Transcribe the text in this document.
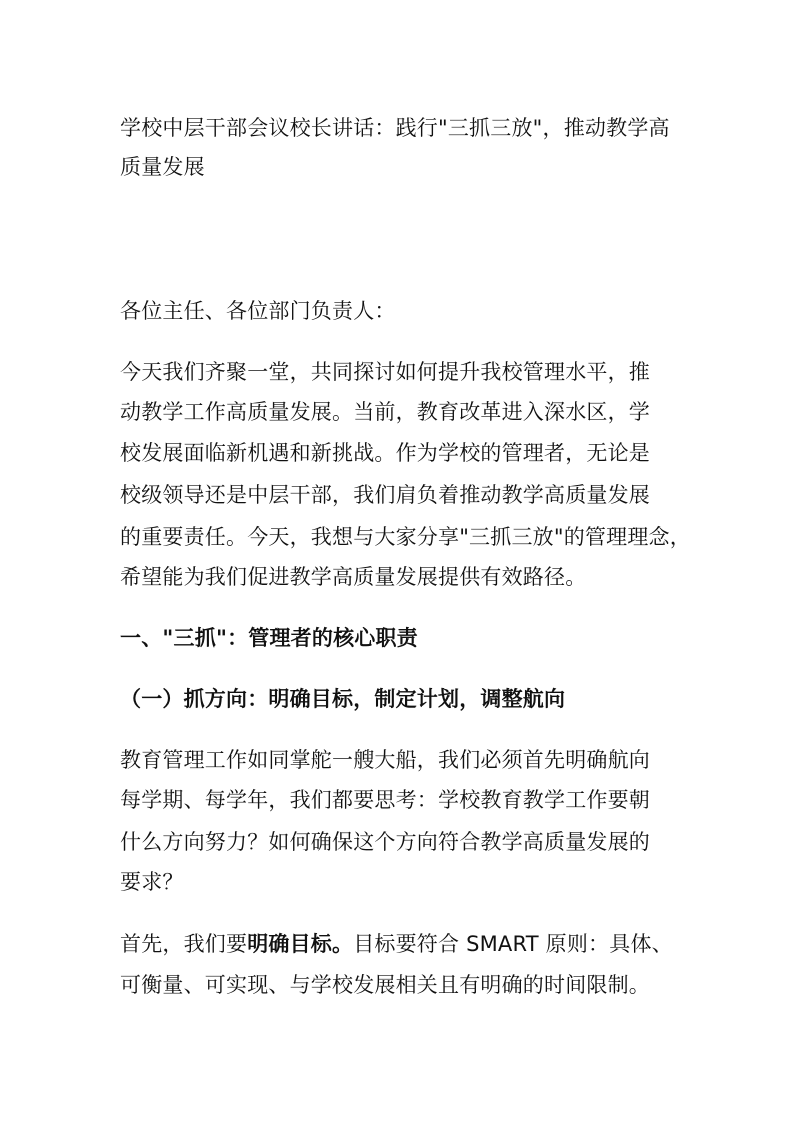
学校中层干部会议校长讲话：践行"三抓三放"，推动教学高
质量发展
各位主任、各位部门负责人：
今天我们齐聚一堂，共同探讨如何提升我校管理水平，推
动教学工作高质量发展。当前，教育改革进入深水区，学
校发展面临新机遇和新挑战。作为学校的管理者，无论是
校级领导还是中层干部，我们肩负着推动教学高质量发展
的重要责任。今天，我想与大家分享"三抓三放"的管理理念，
希望能为我们促进教学高质量发展提供有效路径。
一、"三抓"：管理者的核心职责
（一）抓方向：明确目标，制定计划，调整航向
教育管理工作如同掌舵一艘大船，我们必须首先明确航向
每学期、每学年，我们都要思考：学校教育教学工作要朝
什么方向努力？如何确保这个方向符合教学高质量发展的
要求？
首先，我们要明确目标。目标要符合 SMART 原则：具体、
可衡量、可实现、与学校发展相关且有明确的时间限制。
